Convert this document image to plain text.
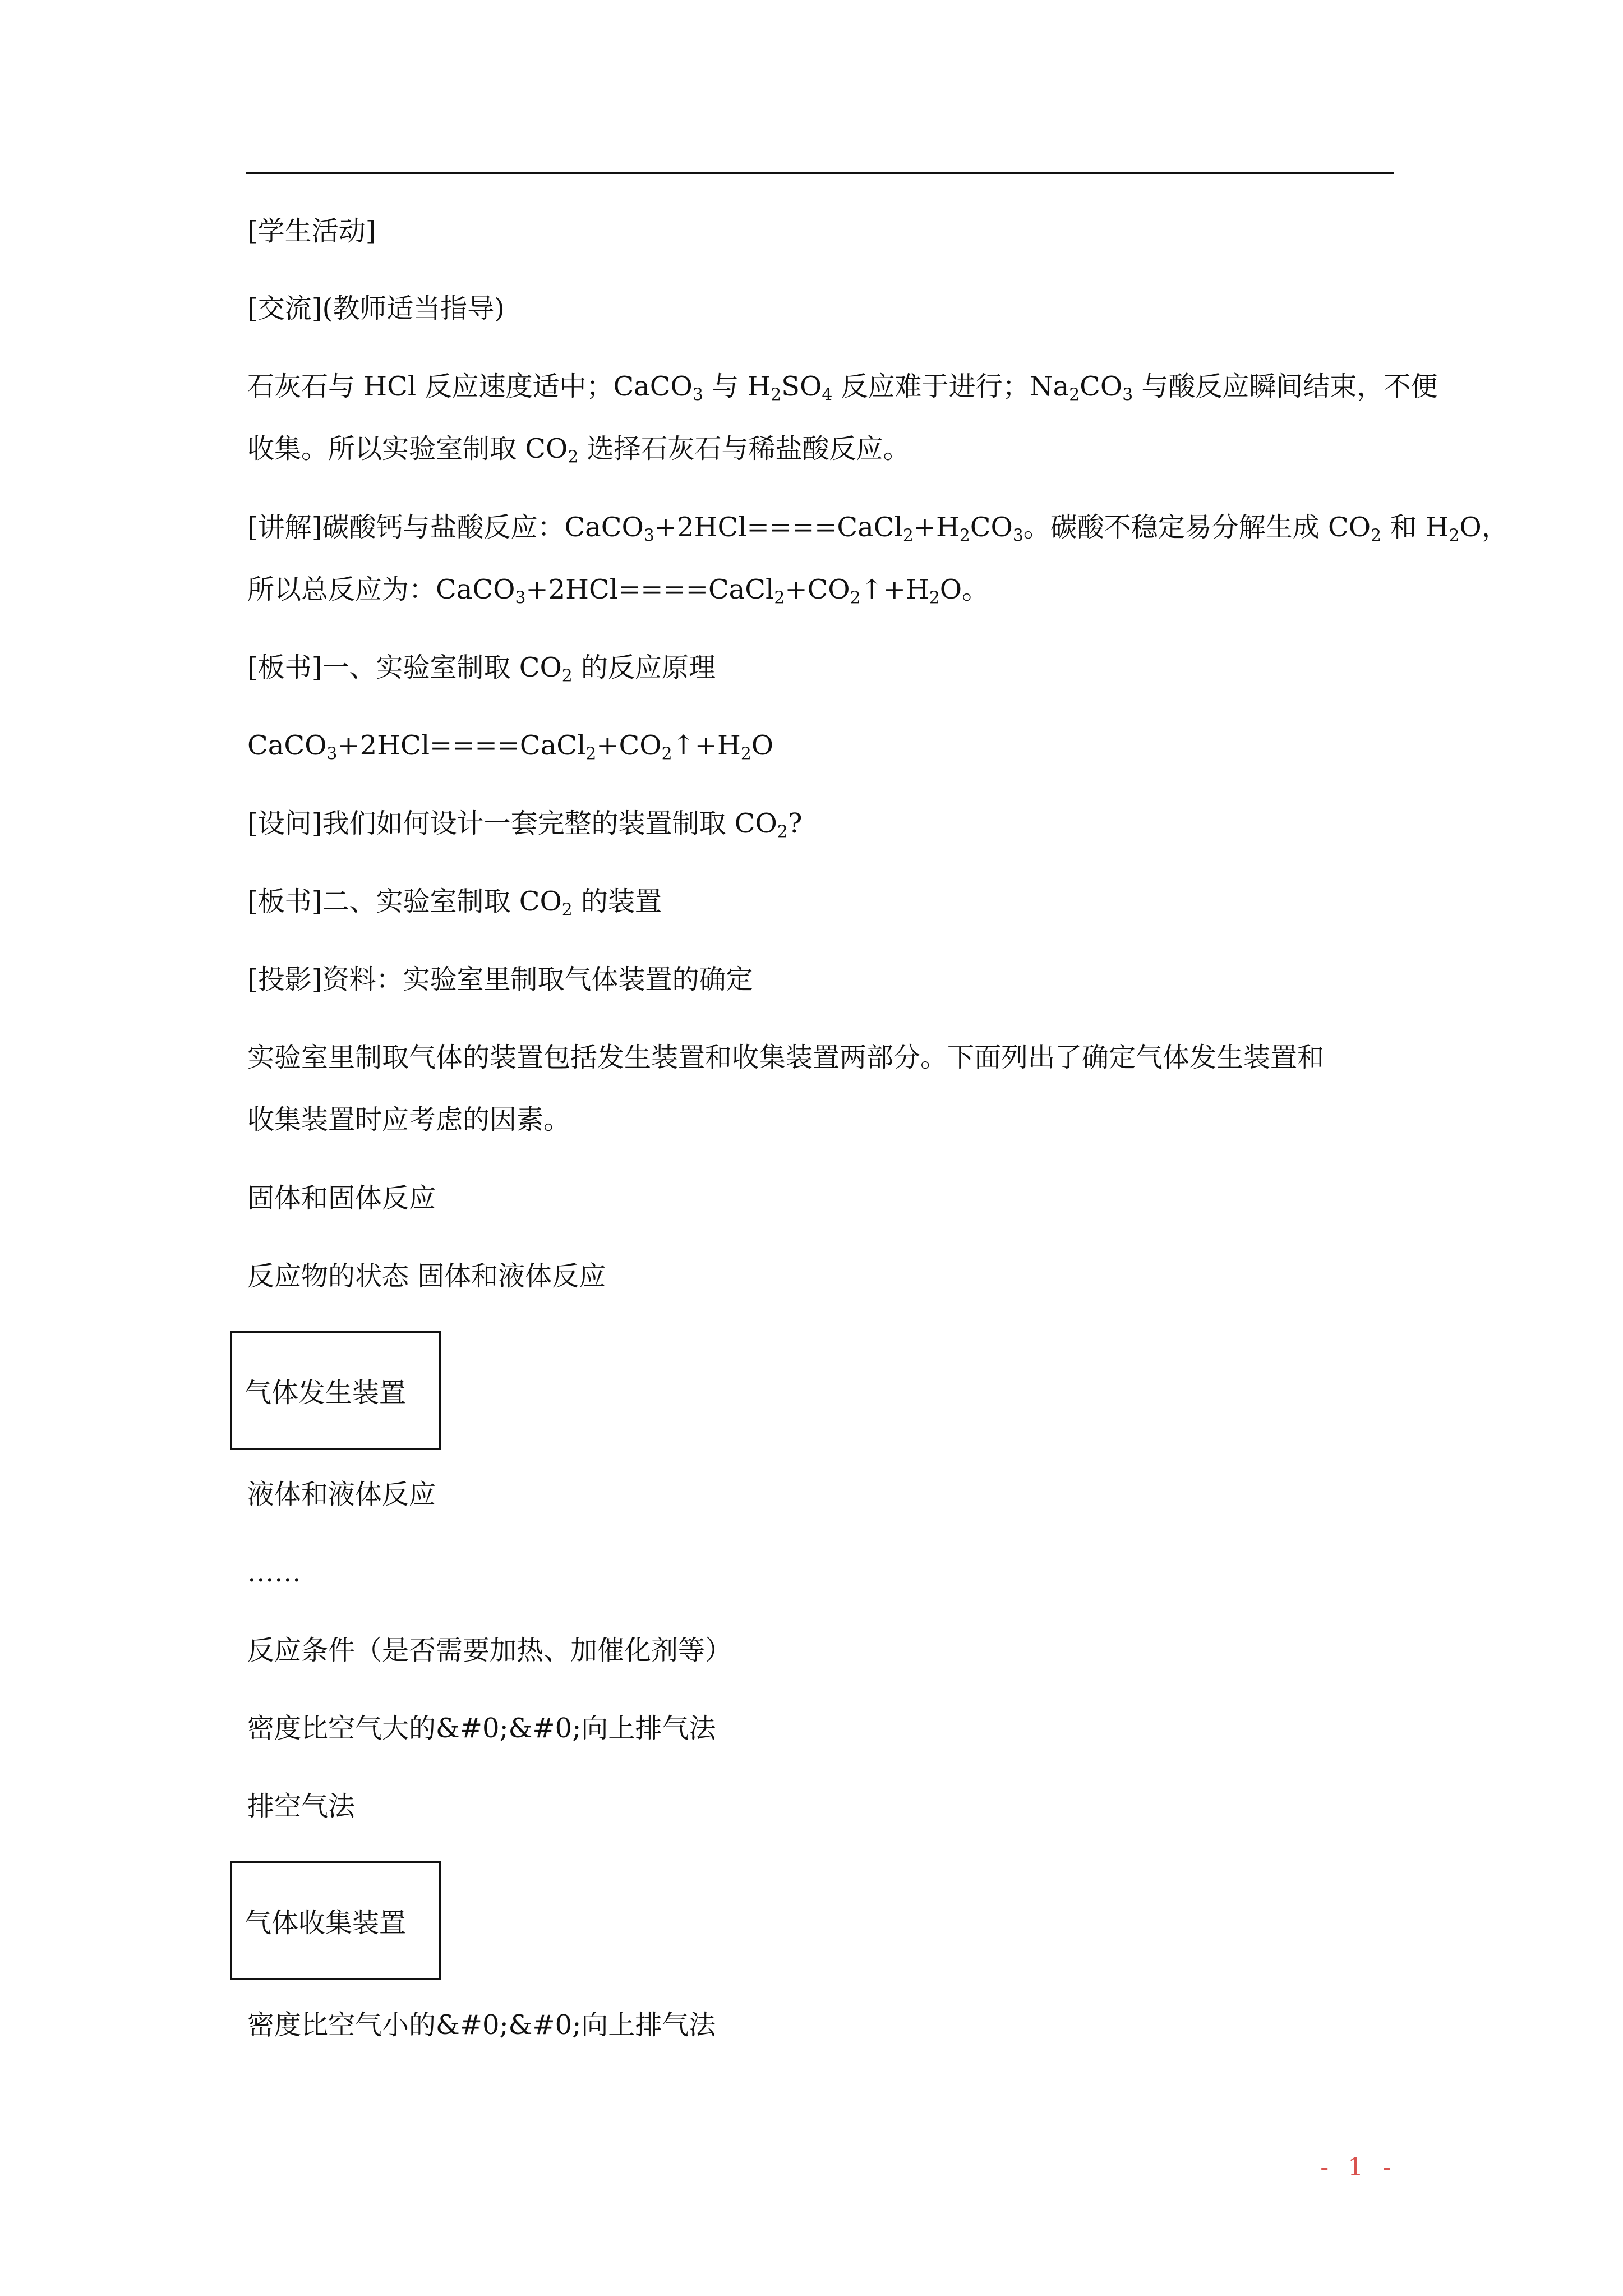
[学生活动]
[交流](教师适当指导)
石灰石与 HCl 反应速度适中；CaCO$_3$ 与 $H_2SO_4$ 反应难于进行；$Na_2CO_3$ 与酸反应瞬间结束，不便
收集。所以实验室制取 $CO_2$ 选择石灰石与稀盐酸反应。
[讲解]碳酸钙与盐酸反应：$CaCO_3+2HCl====CaCl_2+H_2CO_3$。碳酸不稳定易分解生成 $CO_2$ 和 $H_2O$，
所以总反应为：$CaCO_3+2HCl====CaCl_2+CO_2↑+H_2O$。
[板书]一、实验室制取 $CO_2$ 的反应原理
$CaCO_3+2HCl====CaCl_2+CO_2↑+H_2O$
[设问]我们如何设计一套完整的装置制取 $CO_2$?
[板书]二、实验室制取 $CO_2$ 的装置
[投影]资料：实验室里制取气体装置的确定
实验室里制取气体的装置包括发生装置和收集装置两部分。下面列出了确定气体发生装置和
收集装置时应考虑的因素。
固体和固体反应
反应物的状态 固体和液体反应
气体发生装置
液体和液体反应
……
反应条件（是否需要加热、加催化剂等）
密度比空气大的&#0;&#0;向上排气法
排空气法
气体收集装置
密度比空气小的&#0;&#0;向上排气法
- 1 -
